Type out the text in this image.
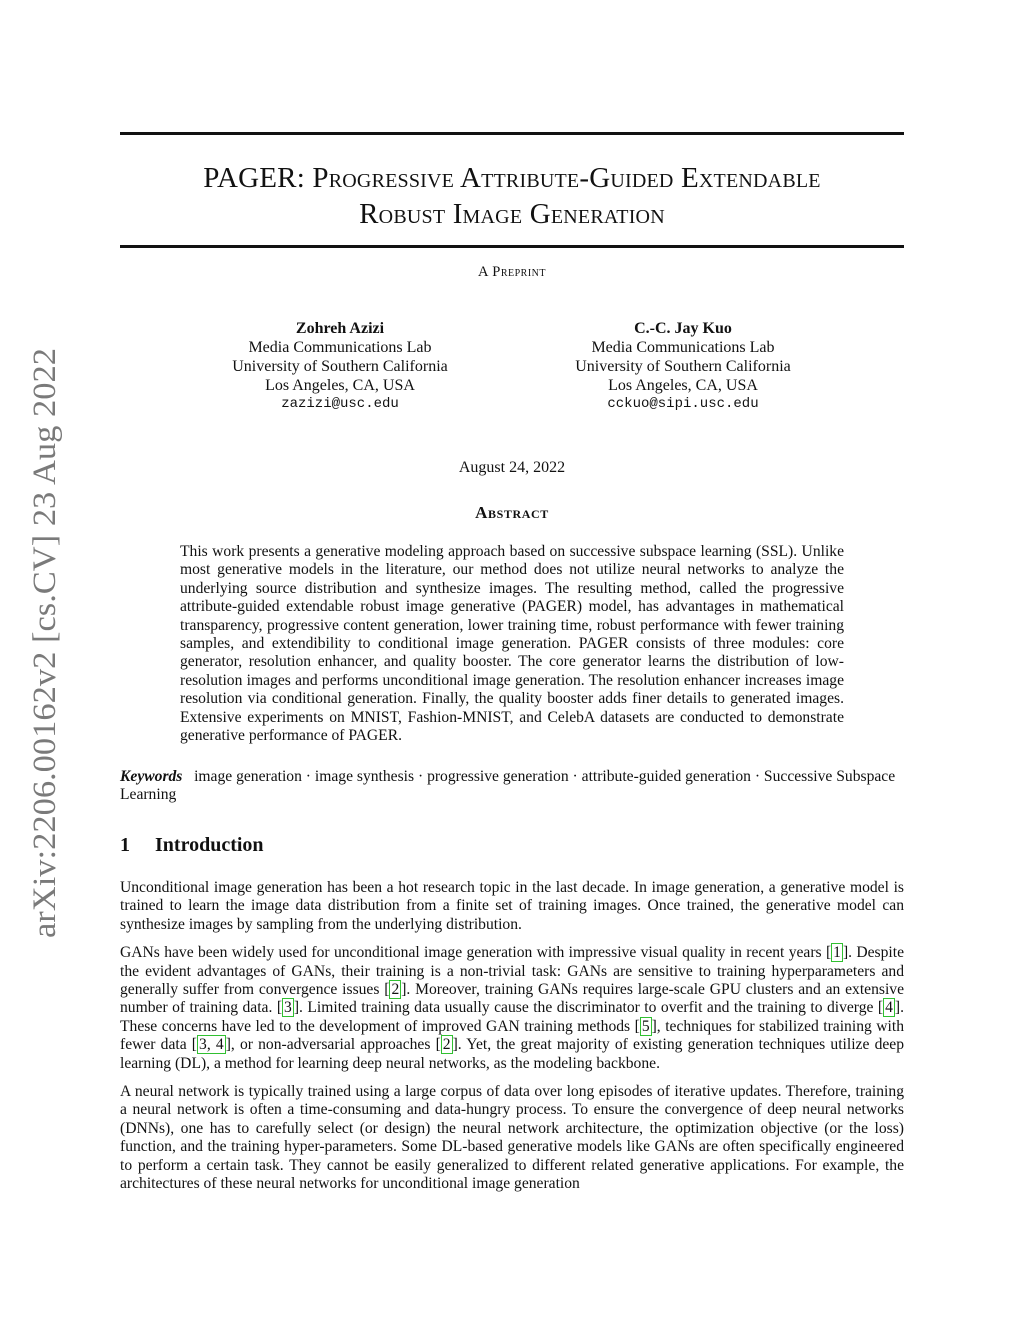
arXiv:2206.00162v2 [cs.CV] 23 Aug 2022
PAGER: Progressive Attribute-Guided Extendable
Robust Image Generation
A Preprint
Zohreh Azizi
Media Communications Lab
University of Southern California
Los Angeles, CA, USA
zazizi@usc.edu
C.-C. Jay Kuo
Media Communications Lab
University of Southern California
Los Angeles, CA, USA
cckuo@sipi.usc.edu
August 24, 2022
Abstract
This work presents a generative modeling approach based on successive subspace learning (SSL). Unlike most generative models in the literature, our method does not utilize neural networks to analyze the underlying source distribution and synthesize images. The resulting method, called the progressive attribute-guided extendable robust image generative (PAGER) model, has advantages in mathematical transparency, progressive content generation, lower training time, robust performance with fewer training samples, and extendibility to conditional image generation. PAGER consists of three modules: core generator, resolution enhancer, and quality booster. The core generator learns the distribution of low-resolution images and performs unconditional image generation. The resolution enhancer increases image resolution via conditional generation. Finally, the quality booster adds finer details to generated images. Extensive experiments on MNIST, Fashion-MNIST, and CelebA datasets are conducted to demonstrate generative performance of PAGER.
Keywords image generation · image synthesis · progressive generation · attribute-guided generation · Successive Subspace Learning
1 Introduction

Unconditional image generation has been a hot research topic in the last decade. In image generation, a generative model is trained to learn the image data distribution from a finite set of training images. Once trained, the generative model can synthesize images by sampling from the underlying distribution.

GANs have been widely used for unconditional image generation with impressive visual quality in recent years [ 1 ]. Despite the evident advantages of GANs, their training is a non-trivial task: GANs are sensitive to training hyperparameters and generally suffer from convergence issues [ 2 ]. Moreover, training GANs requires large-scale GPU clusters and an extensive number of training data. [ 3 ]. Limited training data usually cause the discriminator to overfit and the training to diverge [ 4 ]. These concerns have led to the development of improved GAN training methods [ 5 ], techniques for stabilized training with fewer data [ 3, 4 ], or non-adversarial approaches [ 2 ]. Yet, the great majority of existing generation techniques utilize deep learning (DL), a method for learning deep neural networks, as the modeling backbone.

A neural network is typically trained using a large corpus of data over long episodes of iterative updates. Therefore, training a neural network is often a time-consuming and data-hungry process. To ensure the convergence of deep neural networks (DNNs), one has to carefully select (or design) the neural network architecture, the optimization objective (or the loss) function, and the training hyper-parameters. Some DL-based generative models like GANs are often specifically engineered to perform a certain task. They cannot be easily generalized to different related generative applications. For example, the architectures of these neural networks for unconditional image generation
